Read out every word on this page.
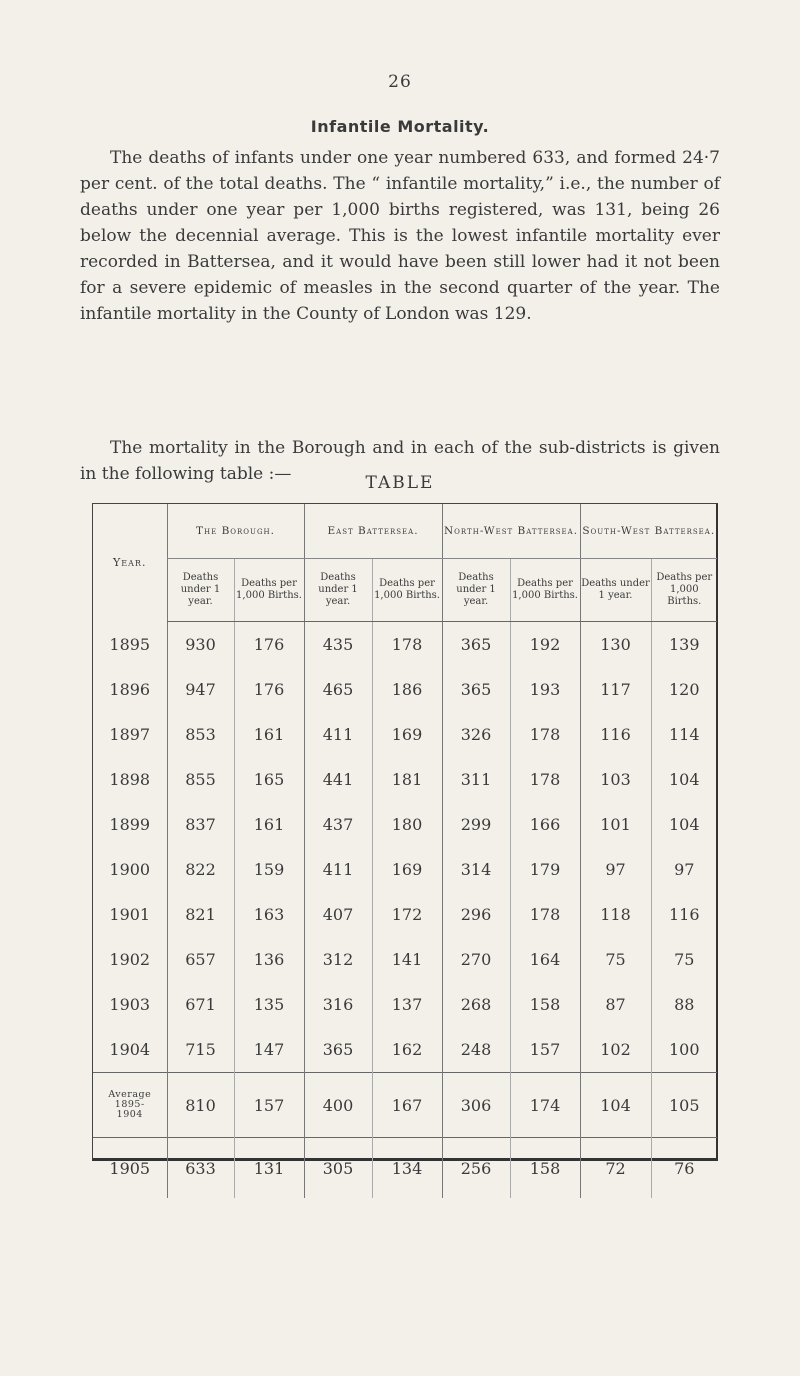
26
Infantile Mortality.

The deaths of infants under one year numbered 633, and formed 24·7 per cent. of the total deaths. The “ infantile mortality,” i.e., the number of deaths under one year per 1,000 births registered, was 131, being 26 below the decennial average. This is the lowest infantile mortality ever recorded in Battersea, and it would have been still lower had it not been for a severe epidemic of measles in the second quarter of the year. The infantile mortality in the County of London was 129.

The mortality in the Borough and in each of the sub-districts is given in the following table :—	TABLE
Year.	The Borough.		East Battersea.		North-West Battersea.		South-West Battersea.	
	Deaths under 1 year.	Deaths per 1,000 Births.	Deaths under 1 year.	Deaths per 1,000 Births.	Deaths under 1 year.	Deaths per 1,000 Births.	Deaths under 1 year.	Deaths per 1,000 Births.
1895	930	176	435	178	365	192	130	139
1896	947	176	465	186	365	193	117	120
1897	853	161	411	169	326	178	116	114
1898	855	165	441	181	311	178	103	104
1899	837	161	437	180	299	166	101	104
1900	822	159	411	169	314	179	97	97
1901	821	163	407	172	296	178	118	116
1902	657	136	312	141	270	164	75	75
1903	671	135	316	137	268	158	87	88
1904	715	147	365	162	248	157	102	100

Average
1895-
1904	810	157	400	167	306	174	104	105
1905	633	131	305	134	256	158	72	76
